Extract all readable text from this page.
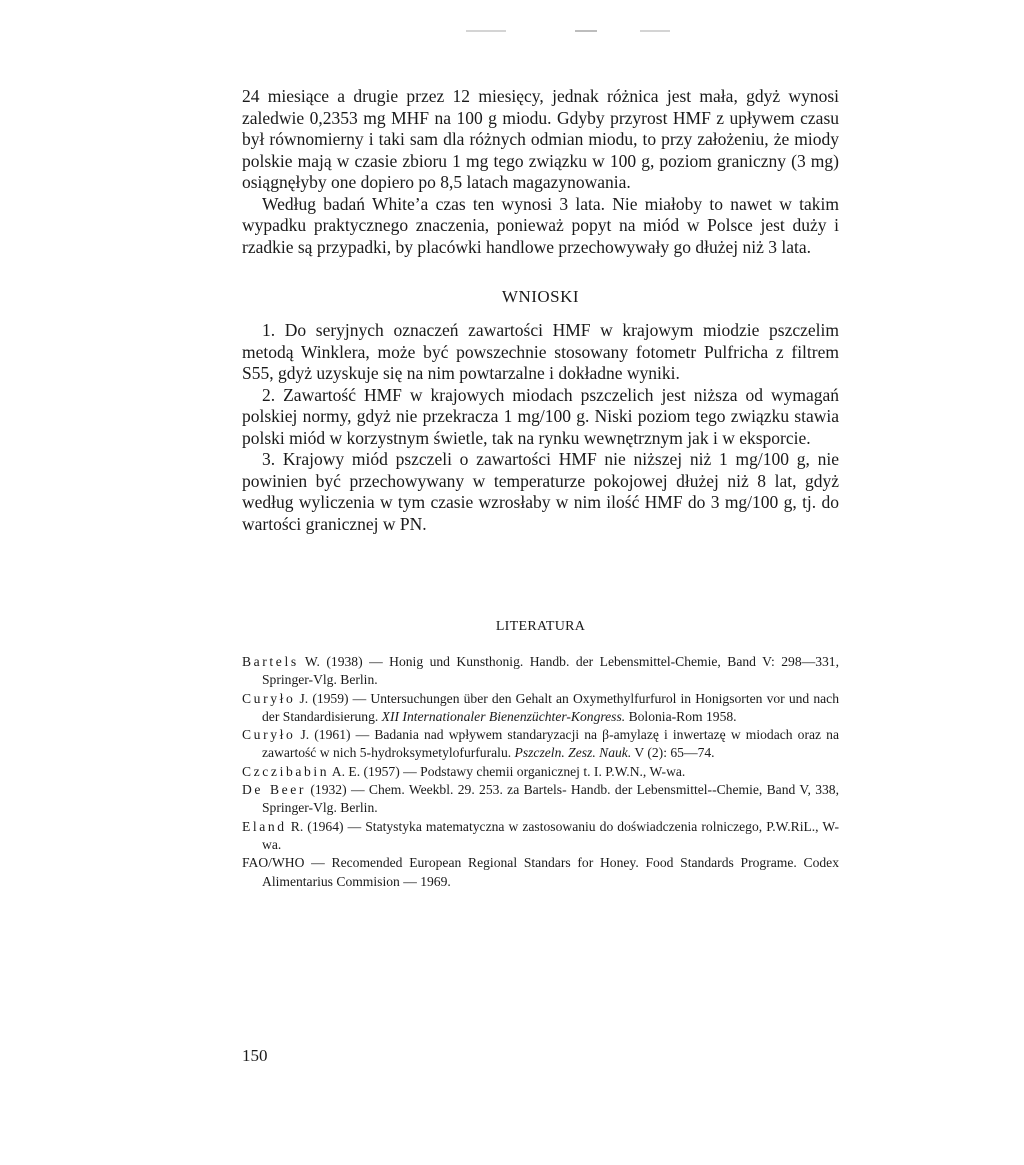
24 miesiące a drugie przez 12 miesięcy, jednak różnica jest mała, gdyż wynosi zaledwie 0,2353 mg MHF na 100 g miodu. Gdyby przyrost HMF z upływem czasu był równomierny i taki sam dla różnych odmian miodu, to przy założeniu, że miody polskie mają w czasie zbioru 1 mg tego związku w 100 g, poziom graniczny (3 mg) osiągnęłyby one dopiero po 8,5 latach magazynowania.

Według badań White’a czas ten wynosi 3 lata. Nie miałoby to nawet w takim wypadku praktycznego znaczenia, ponieważ popyt na miód w Polsce jest duży i rzadkie są przypadki, by placówki handlowe przechowywały go dłużej niż 3 lata.

WNIOSKI

1. Do seryjnych oznaczeń zawartości HMF w krajowym miodzie pszczelim metodą Winklera, może być powszechnie stosowany fotometr Pulfricha z filtrem S55, gdyż uzyskuje się na nim powtarzalne i dokładne wyniki.

2. Zawartość HMF w krajowych miodach pszczelich jest niższa od wymagań polskiej normy, gdyż nie przekracza 1 mg/100 g. Niski poziom tego związku stawia polski miód w korzystnym świetle, tak na rynku wewnętrznym jak i w eksporcie.

3. Krajowy miód pszczeli o zawartości HMF nie niższej niż 1 mg/100 g, nie powinien być przechowywany w temperaturze pokojowej dłużej niż 8 lat, gdyż według wyliczenia w tym czasie wzrosłaby w nim ilość HMF do 3 mg/100 g, tj. do wartości granicznej w PN.

LITERATURA

Bartels W. (1938) — Honig und Kunsthonig. Handb. der Lebensmittel-Chemie, Band V: 298—331, Springer-Vlg. Berlin.

Curyło J. (1959) — Untersuchungen über den Gehalt an Oxymethylfurfurol in Honigsorten vor und nach der Standardisierung. XII Internationaler Bienenzüchter-Kongress. Bolonia-Rom 1958.

Curyło J. (1961) — Badania nad wpływem standaryzacji na β-amylazę i inwertazę w miodach oraz na zawartość w nich 5-hydroksymetylofurfuralu. Pszczeln. Zesz. Nauk. V (2): 65—74.

Czczibabin A. E. (1957) — Podstawy chemii organicznej t. I. P.W.N., W-wa.

De Beer (1932) — Chem. Weekbl. 29. 253. za Bartels- Handb. der Lebensmittel--Chemie, Band V, 338, Springer-Vlg. Berlin.

Eland R. (1964) — Statystyka matematyczna w zastosowaniu do doświadczenia rolniczego, P.W.RiL., W-wa.

FAO/WHO — Recomended European Regional Standars for Honey. Food Standards Programe. Codex Alimentarius Commision — 1969.

150
